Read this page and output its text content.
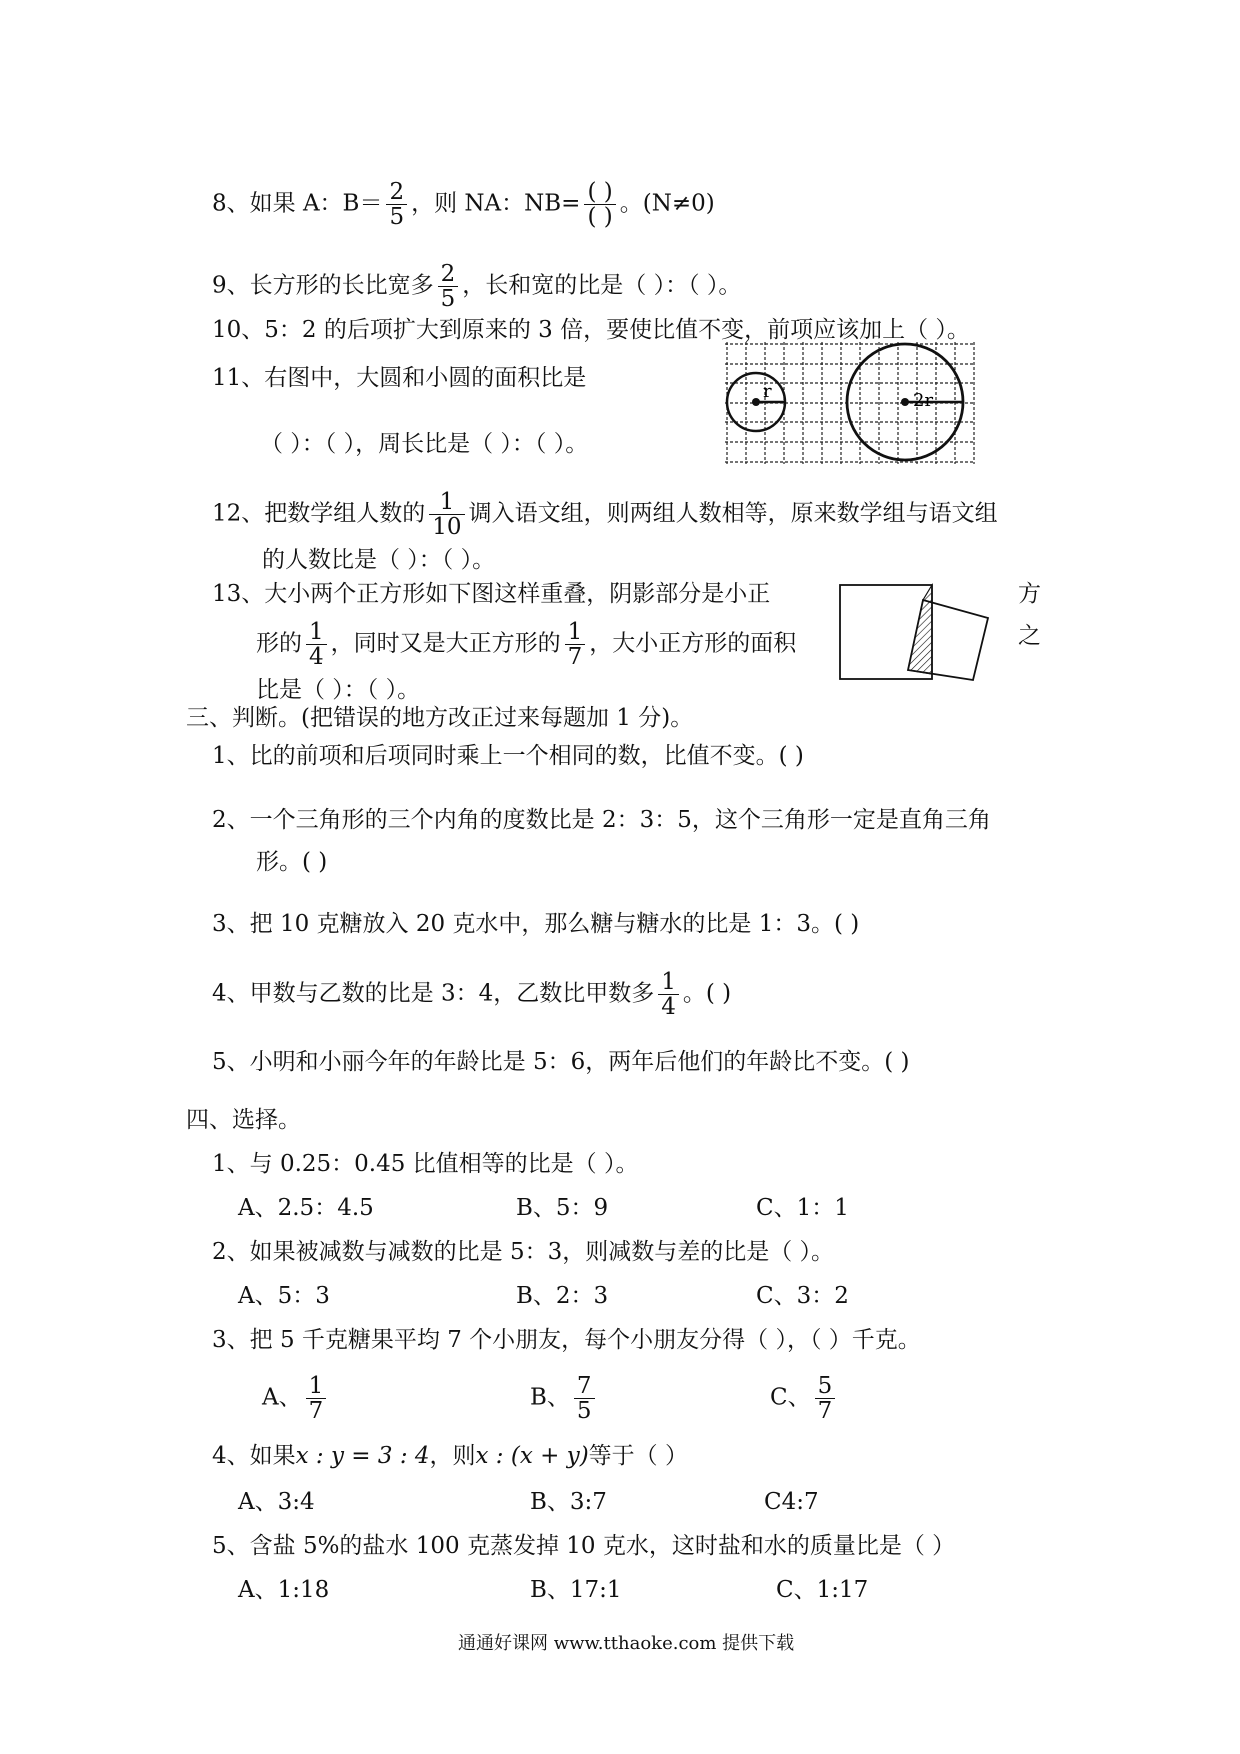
8、如果 A：$B= \frac{2}{5}$ ，则 NA：$NB= \frac{( )}{( )}$ 。(N≠0)
9、长方形的长比宽多 $\frac{2}{5}$ ，长和宽的比是（ ）：（ ）。
10、5：2 的后项扩大到原来的 3 倍，要使比值不变，前项应该加上（ ）。
11、右图中，大圆和小圆的面积比是
（ ）：（ ），周长比是（ ）：（ ）。
r	2r
12、把数学组人数的 $\frac{1}{10}$ 调入语文组，则两组人数相等，原来数学组与语文组
的人数比是（ ）：（ ）。
13、大小两个正方形如下图这样重叠，阴影部分是小正	方
形的 $\frac{1}{4}$ ，同时又是大正方形的 $\frac{1}{7}$ ，大小正方形的面积	之
比是（ ）：（ ）。
三、判断。(把错误的地方改正过来每题加 1 分)。
1、比的前项和后项同时乘上一个相同的数，比值不变。( )
2、一个三角形的三个内角的度数比是 2：3：5，这个三角形一定是直角三角
形。( )
3、把 10 克糖放入 20 克水中，那么糖与糖水的比是 1：3。( )
4、甲数与乙数的比是 3：4，乙数比甲数多 $\frac{1}{4}$ 。( )
5、小明和小丽今年的年龄比是 5：6，两年后他们的年龄比不变。( )
四、选择。
1、与 0.25：0.45 比值相等的比是（ ）。
A、2.5：4.5	B、5：9	C、1：1
2、如果被减数与减数的比是 5：3，则减数与差的比是（ ）。
A、5：3	B、2：3	C、3：2
3、把 5 千克糖果平均 7 个小朋友，每个小朋友分得（ ），（ ）千克。
A、 $\frac{1}{7}$	B、 $\frac{7}{5}$	C、 $\frac{5}{7}$
4、如果x : y = 3 : 4，则x : (x + y)等于（ ）
A、3:4	B、3:7	C4:7
5、含盐 5%的盐水 100 克蒸发掉 10 克水，这时盐和水的质量比是（ ）
A、1:18	B、17:1	C、1:17
通通好课网 www.tthaoke.com 提供下载
